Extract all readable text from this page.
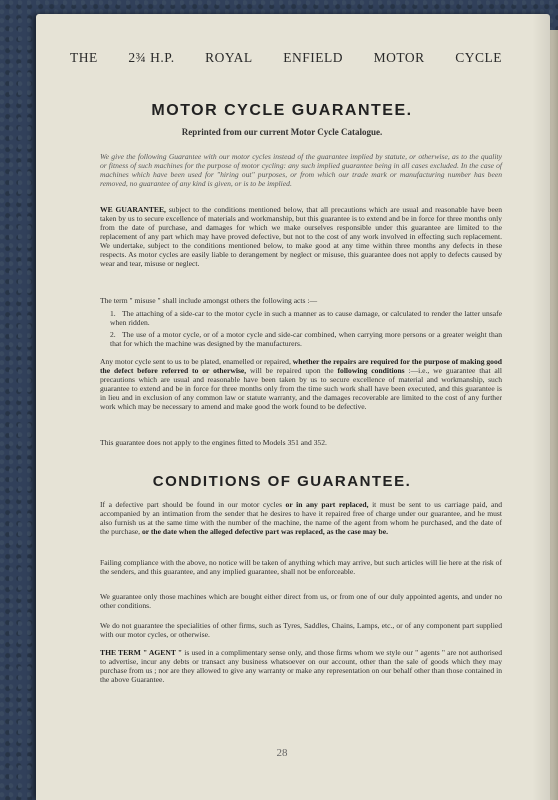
THE 2¾ H.P. ROYAL ENFIELD MOTOR CYCLE
MOTOR CYCLE GUARANTEE.
Reprinted from our current Motor Cycle Catalogue.
We give the following Guarantee with our motor cycles instead of the guarantee implied by statute, or otherwise, as to the quality or fitness of such machines for the purpose of motor cycling: any such implied guarantee being in all cases excluded. In the case of machines which have been used for "hiring out" purposes, or from which our trade mark or manufacturing number has been removed, no guarantee of any kind is given, or is to be implied.
WE GUARANTEE, subject to the conditions mentioned below, that all precautions which are usual and reasonable have been taken by us to secure excellence of materials and workmanship, but this guarantee is to extend and be in force for three months only from the date of purchase, and damages for which we make ourselves responsible under this guarantee are limited to the replacement of any part which may have proved defective, but not to the cost of any work involved in effecting such replacement. We undertake, subject to the conditions mentioned below, to make good at any time within three months any defects in these respects. As motor cycles are easily liable to derangement by neglect or misuse, this guarantee does not apply to defects caused by wear and tear, misuse or neglect.
The term " misuse " shall include amongst others the following acts :—
1. The attaching of a side-car to the motor cycle in such a manner as to cause damage, or calculated to render the latter unsafe when ridden.
2. The use of a motor cycle, or of a motor cycle and side-car combined, when carrying more persons or a greater weight than that for which the machine was designed by the manufacturers.
Any motor cycle sent to us to be plated, enamelled or repaired, whether the repairs are required for the purpose of making good the defect before referred to or otherwise, will be repaired upon the following conditions :—i.e., we guarantee that all precautions which are usual and reasonable have been taken by us to secure excellence of material and workmanship, such guarantee to extend and be in force for three months only from the time such work shall have been executed, and this guarantee is in lieu and in exclusion of any common law or statute warranty, and the damages recoverable are limited to the cost of any further work which may be necessary to amend and make good the work found to be defective.
This guarantee does not apply to the engines fitted to Models 351 and 352.
CONDITIONS OF GUARANTEE.
If a defective part should be found in our motor cycles or in any part replaced, it must be sent to us carriage paid, and accompanied by an intimation from the sender that he desires to have it repaired free of charge under our guarantee, and he must also furnish us at the same time with the number of the machine, the name of the agent from whom he purchased, and the date of the purchase, or the date when the alleged defective part was replaced, as the case may be.
Failing compliance with the above, no notice will be taken of anything which may arrive, but such articles will lie here at the risk of the senders, and this guarantee, and any implied guarantee, shall not be enforceable.
We guarantee only those machines which are bought either direct from us, or from one of our duly appointed agents, and under no other conditions.
We do not guarantee the specialities of other firms, such as Tyres, Saddles, Chains, Lamps, etc., or of any component part supplied with our motor cycles, or otherwise.
THE TERM " AGENT " is used in a complimentary sense only, and those firms whom we style our " agents " are not authorised to advertise, incur any debts or transact any business whatsoever on our account, other than the sale of goods which they may purchase from us ; nor are they allowed to give any warranty or make any representation on our behalf other than those contained in the above Guarantee.
28
